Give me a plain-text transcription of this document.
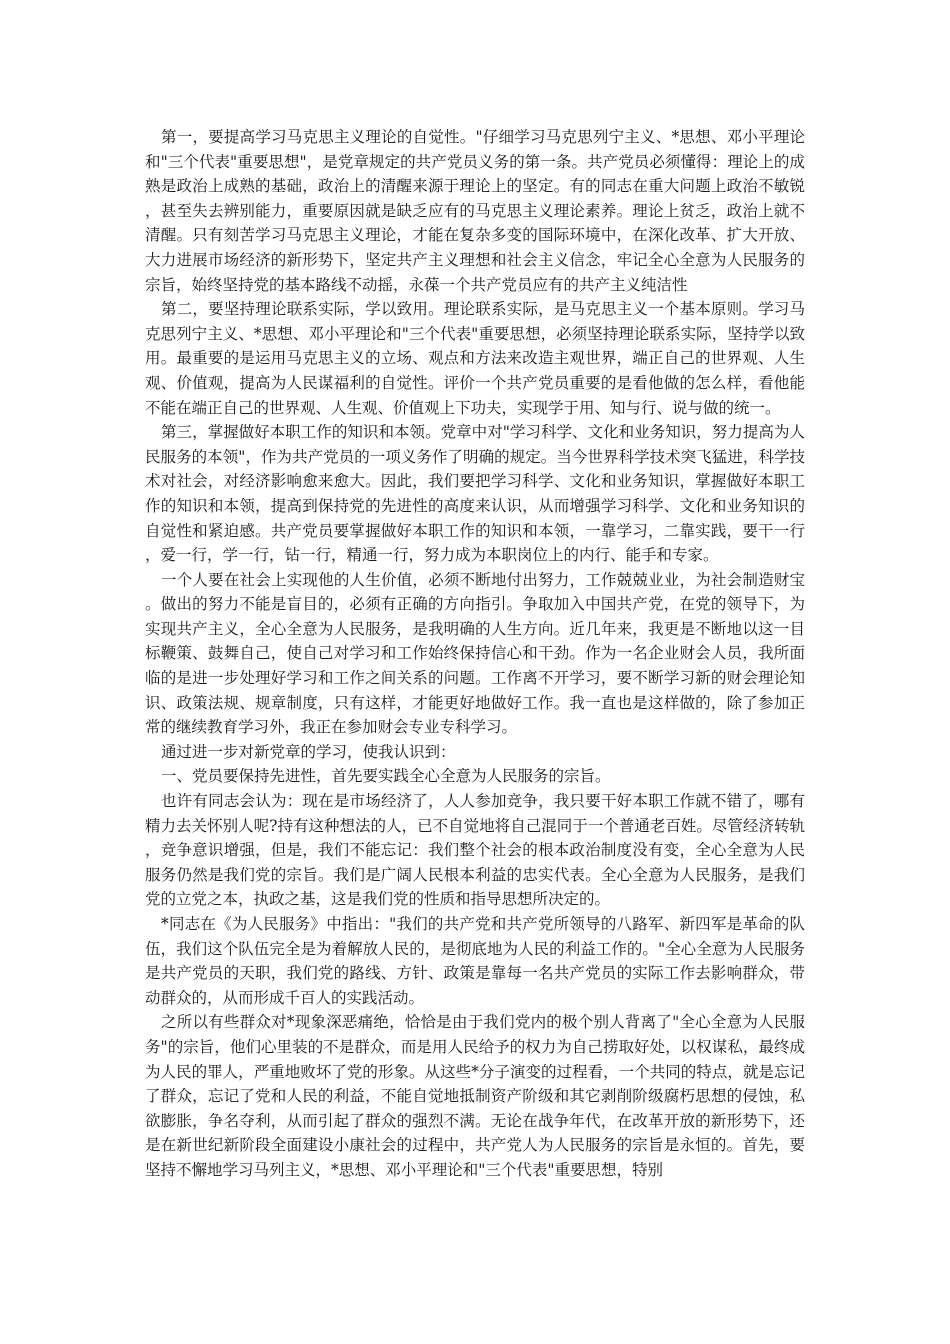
第一，要提高学习马克思主义理论的自觉性。"仔细学习马克思列宁主义、*思想、邓小平理论和"三个代表"重要思想"，是党章规定的共产党员义务的第一条。共产党员必须懂得：理论上的成熟是政治上成熟的基础，政治上的清醒来源于理论上的坚定。有的同志在重大问题上政治不敏锐，甚至失去辨别能力，重要原因就是缺乏应有的马克思主义理论素养。理论上贫乏，政治上就不清醒。只有刻苦学习马克思主义理论，才能在复杂多变的国际环境中，在深化改革、扩大开放、大力进展市场经济的新形势下，坚定共产主义理想和社会主义信念，牢记全心全意为人民服务的宗旨，始终坚持党的基本路线不动摇，永葆一个共产党员应有的共产主义纯洁性

第二，要坚持理论联系实际，学以致用。理论联系实际，是马克思主义一个基本原则。学习马克思列宁主义、*思想、邓小平理论和"三个代表"重要思想，必须坚持理论联系实际，坚持学以致用。最重要的是运用马克思主义的立场、观点和方法来改造主观世界，端正自己的世界观、人生观、价值观，提高为人民谋福利的自觉性。评价一个共产党员重要的是看他做的怎么样，看他能不能在端正自己的世界观、人生观、价值观上下功夫，实现学于用、知与行、说与做的统一。

第三，掌握做好本职工作的知识和本领。党章中对"学习科学、文化和业务知识，努力提高为人民服务的本领"，作为共产党员的一项义务作了明确的规定。当今世界科学技术突飞猛进，科学技术对社会，对经济影响愈来愈大。因此，我们要把学习科学、文化和业务知识，掌握做好本职工作的知识和本领，提高到保持党的先进性的高度来认识，从而增强学习科学、文化和业务知识的自觉性和紧迫感。共产党员要掌握做好本职工作的知识和本领，一靠学习，二靠实践，要干一行，爱一行，学一行，钻一行，精通一行，努力成为本职岗位上的内行、能手和专家。

一个人要在社会上实现他的人生价值，必须不断地付出努力，工作兢兢业业，为社会制造财宝。做出的努力不能是盲目的，必须有正确的方向指引。争取加入中国共产党，在党的领导下，为实现共产主义，全心全意为人民服务，是我明确的人生方向。近几年来，我更是不断地以这一目标鞭策、鼓舞自己，使自己对学习和工作始终保持信心和干劲。作为一名企业财会人员，我所面临的是进一步处理好学习和工作之间关系的问题。工作离不开学习，要不断学习新的财会理论知识、政策法规、规章制度，只有这样，才能更好地做好工作。我一直也是这样做的，除了参加正常的继续教育学习外，我正在参加财会专业专科学习。

通过进一步对新党章的学习，使我认识到：

一、党员要保持先进性，首先要实践全心全意为人民服务的宗旨。

也许有同志会认为：现在是市场经济了，人人参加竞争，我只要干好本职工作就不错了，哪有精力去关怀别人呢?持有这种想法的人，已不自觉地将自己混同于一个普通老百姓。尽管经济转轨，竞争意识增强，但是，我们不能忘记：我们整个社会的根本政治制度没有变，全心全意为人民服务仍然是我们党的宗旨。我们是广阔人民根本利益的忠实代表。全心全意为人民服务，是我们党的立党之本，执政之基，这是我们党的性质和指导思想所决定的。

*同志在《为人民服务》中指出："我们的共产党和共产党所领导的八路军、新四军是革命的队伍，我们这个队伍完全是为着解放人民的，是彻底地为人民的利益工作的。"全心全意为人民服务是共产党员的天职，我们党的路线、方针、政策是靠每一名共产党员的实际工作去影响群众，带动群众的，从而形成千百人的实践活动。

之所以有些群众对*现象深恶痛绝，恰恰是由于我们党内的极个别人背离了"全心全意为人民服务"的宗旨，他们心里装的不是群众，而是用人民给予的权力为自己捞取好处，以权谋私，最终成为人民的罪人，严重地败坏了党的形象。从这些*分子演变的过程看，一个共同的特点，就是忘记了群众，忘记了党和人民的利益，不能自觉地抵制资产阶级和其它剥削阶级腐朽思想的侵蚀，私欲膨胀，争名夺利，从而引起了群众的强烈不满。无论在战争年代，在改革开放的新形势下，还是在新世纪新阶段全面建设小康社会的过程中，共产党人为人民服务的宗旨是永恒的。首先，要坚持不懈地学习马列主义，*思想、邓小平理论和"三个代表"重要思想，特别
